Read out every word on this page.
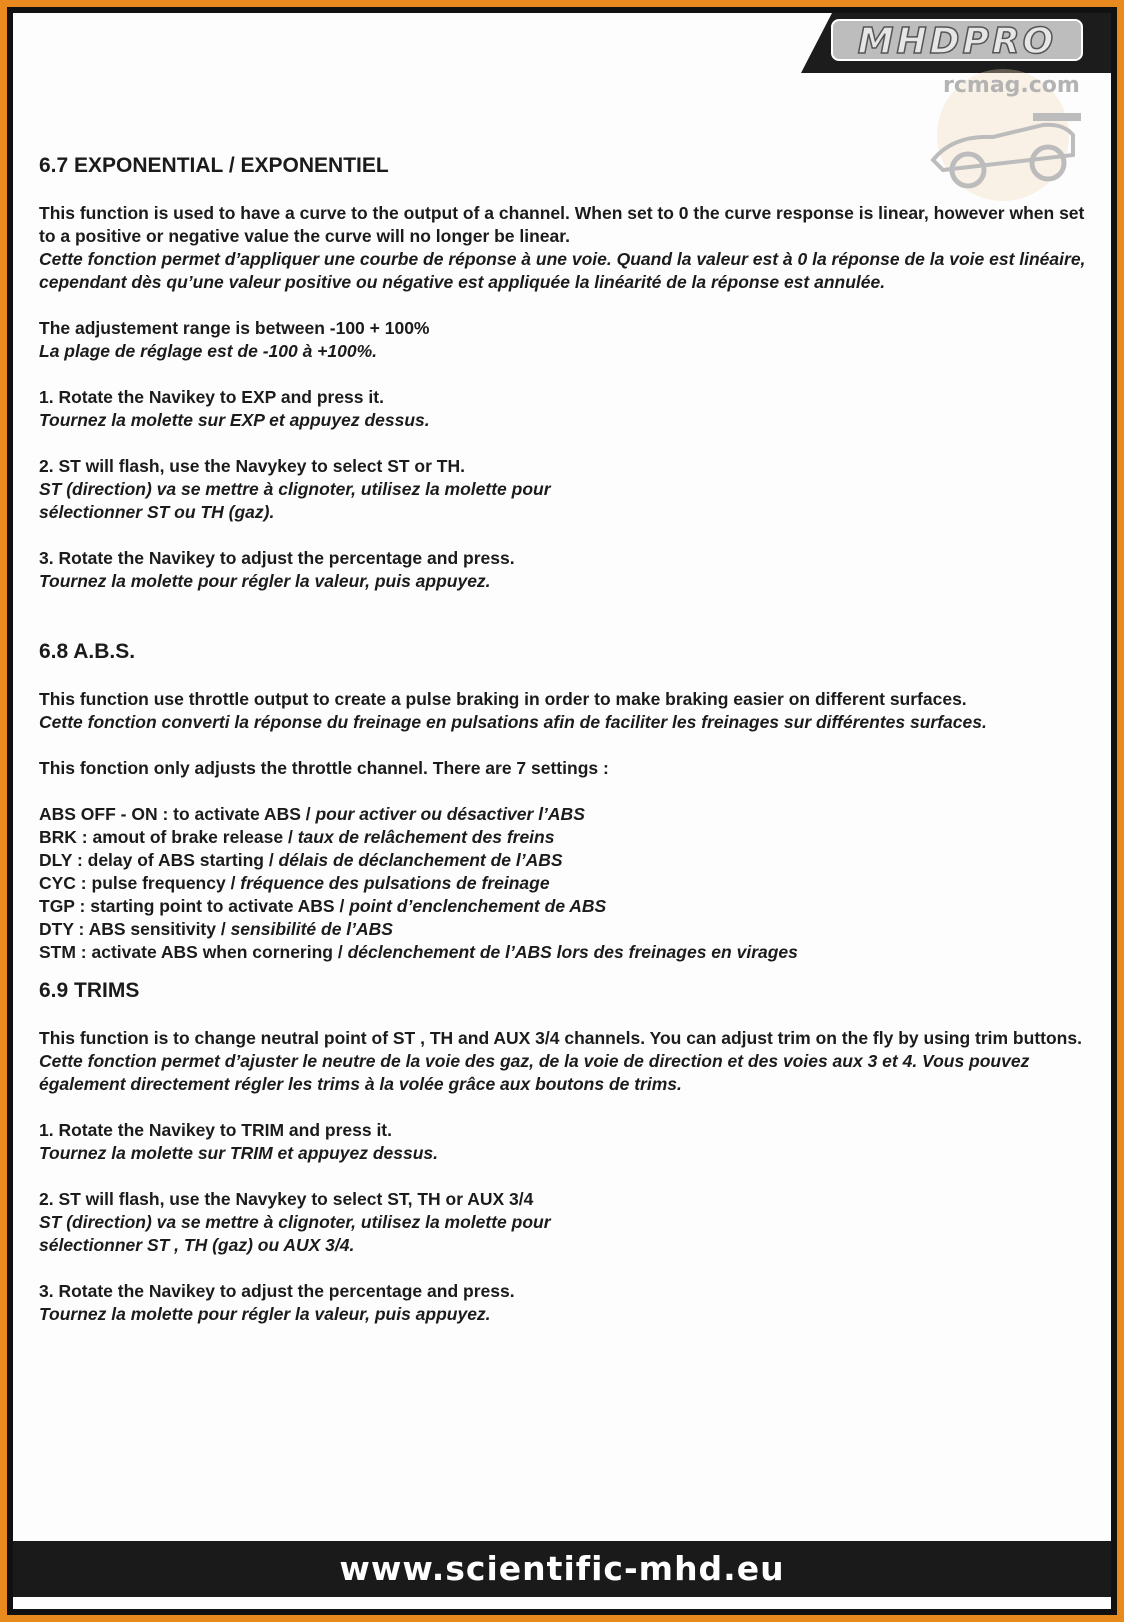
MHDPRO
rcmag.com
6.7 EXPONENTIAL / EXPONENTIEL

This function is used to have a curve to the output of a channel. When set to 0 the curve response is linear, however when set to a positive or negative value the curve will no longer be linear.

Cette fonction permet d’appliquer une courbe de réponse à une voie. Quand la valeur est à 0 la réponse de la voie est linéaire, cependant dès qu’une valeur positive ou négative est appliquée la linéarité de la réponse est annulée.

The adjustement range is between -100 + 100%

La plage de réglage est de -100 à +100%.

1. Rotate the Navikey to EXP and press it.

Tournez la molette sur EXP et appuyez dessus.

2. ST will flash, use the Navykey to select ST or TH.

ST (direction) va se mettre à clignoter, utilisez la molette pour sélectionner ST ou TH (gaz).

3. Rotate the Navikey to adjust the percentage and press.

Tournez la molette pour régler la valeur, puis appuyez.

6.8 A.B.S.

This function use throttle output to create a pulse braking in order to make braking easier on different surfaces.

Cette fonction converti la réponse du freinage en pulsations afin de faciliter les freinages sur différentes surfaces.

This fonction only adjusts the throttle channel. There are 7 settings :

ABS OFF - ON : to activate ABS / pour activer ou désactiver l’ABS

BRK : amout of brake release / taux de relâchement des freins

DLY : delay of ABS starting / délais de déclanchement de l’ABS

CYC : pulse frequency / fréquence des pulsations de freinage

TGP : starting point to activate ABS / point d’enclenchement de ABS

DTY : ABS sensitivity / sensibilité de l’ABS

STM : activate ABS when cornering / déclenchement de l’ABS lors des freinages en virages

6.9 TRIMS

This function is to change neutral point of ST , TH and AUX 3/4 channels. You can adjust trim on the fly by using trim buttons.

Cette fonction permet d’ajuster le neutre de la voie des gaz, de la voie de direction et des voies aux 3 et 4. Vous pouvez également directement régler les trims à la volée grâce aux boutons de trims.

1. Rotate the Navikey to TRIM and press it.

Tournez la molette sur TRIM et appuyez dessus.

2. ST will flash, use the Navykey to select ST, TH or AUX 3/4

ST (direction) va se mettre à clignoter, utilisez la molette pour sélectionner ST , TH (gaz) ou AUX 3/4.

3. Rotate the Navikey to adjust the percentage and press.

Tournez la molette pour régler la valeur, puis appuyez.

www.scientific-mhd.eu
